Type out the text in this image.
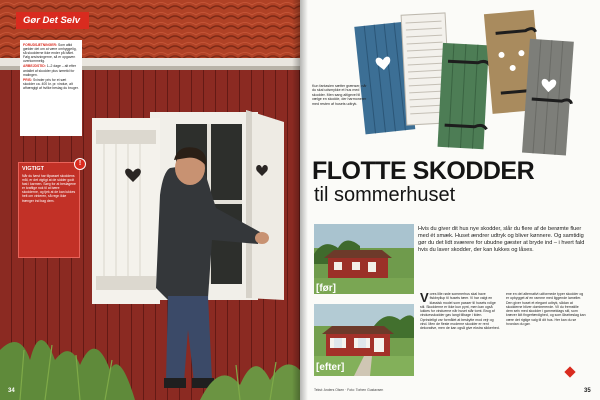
Gør Det Selv

FORUDSÆTNINGER: Som altid gælder det om at være omhyggelig, så skodderne ikke ender på bålet. Følg anvisningerne, så er opgaven overkommelig.

ARBEJDSTID: 1–2 dage – alt efter antallet af skodder plus tørretid for malingen.

PRIS: Svinder pris for et sæt skodder ca. 400 kr. pr. vindue, alt afhængigt af hvilke beslag du bruger.

VIGTIGT
Når du først har tilpasset skoddens mål, er det vigtigt at de sidder godt fast i karmen. Sørg for at beslagene er kraftige nok til at bære skodderne, og tjek at de kan lukkes helt om vinteren, så regn ikke trænger ind bag dem.
!
34
Kun fantasien sætter grænser, når du skal udsmykke et hus med skodder. Men sang altigevel til vælge en skodde, der harmonerer med resten af husets udtryk.
FLOTTE SKODDER
til sommerhuset
Hvis du giver dit hus nye skodder, slår du flere af de berømte fluer med ét smæk. Huset ændrer udtryk og bliver kønnere. Og samtidig gør du det lidt sværere for ubudne gæster at bryde ind – i hvert fald hvis du laver skodder, der kan lukkes og låses.
[før]
[efter]
Vores lille røde sommerhus skal have fiskbryllup til husets tæer. Vi har valgt en klassisk model som passer til husets rolige stil. Skodderne er ikke kun pynt, men kan også lukkes for vinduerne når huset står tomt. Brug af vinduesskodder gav langt tilbage i tiden. Oprindeligt var formålet at beskytte mod vejr og vind. Men de fleste moderne skodder er rent dekorative, men de kan også give ekstra sikkerhed.
ene en del alternativt udformede typer skodder og er opbygget af en ramme med liggende lameller. Den giver huset et elegant udtryk, sådan at skodderne bliver dominerende. Vil du fremstille dem selv med skodder i gammeldags stil, som kræver lidt fingerfærdighed, og som låsebeslag kan være det rigtige valg til dit hus. Her kan du se hvordan du gør.
Tekst: Anders Olsen · Foto: Torben Gustavsen	35
